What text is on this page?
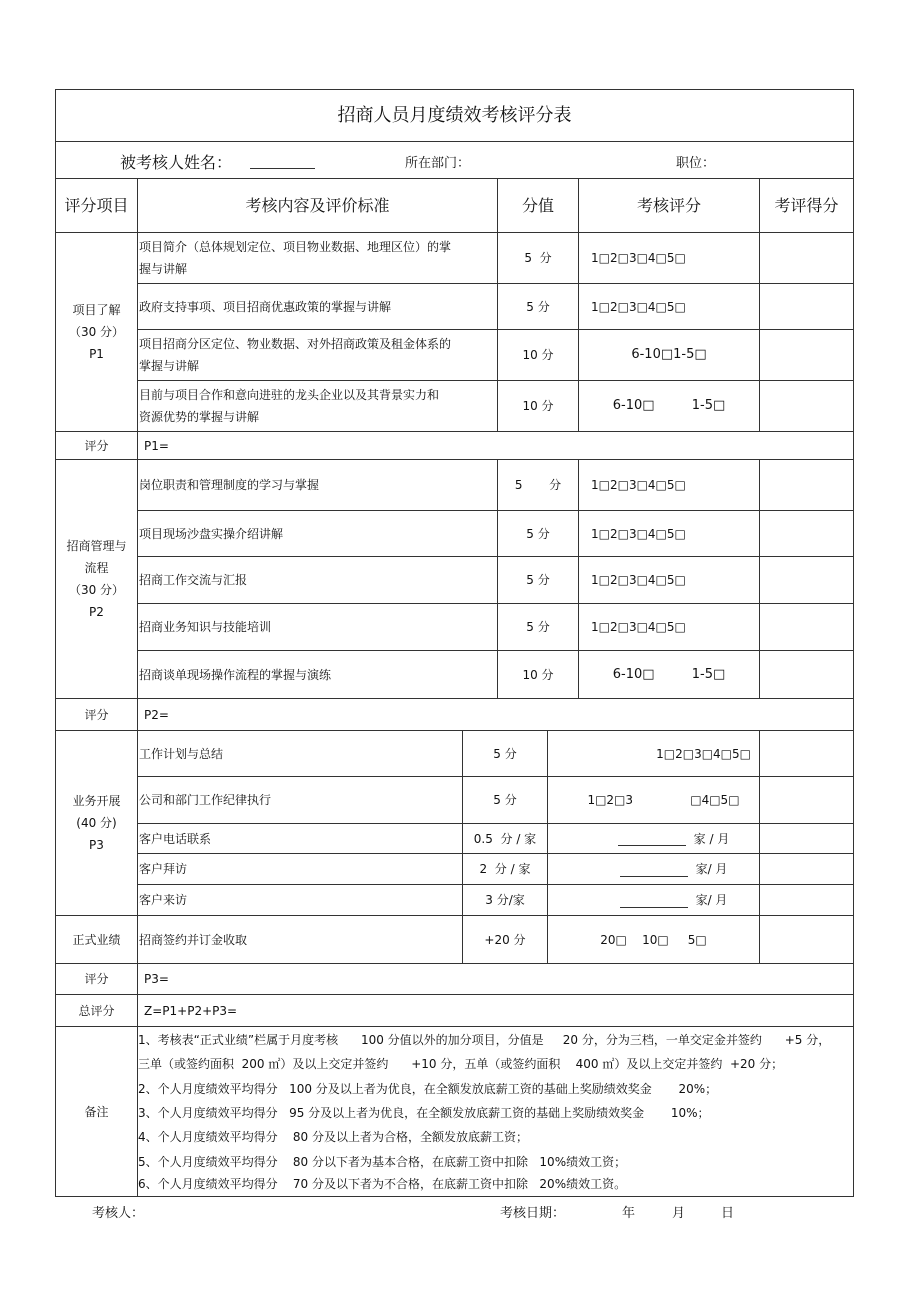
招商人员月度绩效考核评分表
评分项目	考核内容及评价标准	分值	考核评分	考评得分
项目了解
（30 分）
P1
项目简介（总体规划定位、项目物业数据、地理区位）的掌
握与讲解
5  分	1□2□3□4□5□
政府支持事项、项目招商优惠政策的掌握与讲解	5 分	1□2□3□4□5□
项目招商分区定位、物业数据、对外招商政策及租金体系的
掌握与讲解
10 分	6-10□1-5□
目前与项目合作和意向进驻的龙头企业以及其背景实力和
资源优势的掌握与讲解
10 分	6-10□         1-5□
评分	P1=
招商管理与
流程
（30 分）
P2
岗位职责和管理制度的学习与掌握	5       分	1□2□3□4□5□
项目现场沙盘实操介绍讲解	5 分	1□2□3□4□5□
招商工作交流与汇报	5 分	1□2□3□4□5□
招商业务知识与技能培训	5 分	1□2□3□4□5□
招商谈单现场操作流程的掌握与演练	10 分	6-10□         1-5□
评分	P2=
业务开展
(40 分)
P3
工作计划与总结	5 分	1□2□3□4□5□
公司和部门工作纪律执行	5 分	1□2□3               □4□5□
客户电话联系	0.5  分 / 家	家 / 月
客户拜访	2  分 / 家	家/ 月
客户来访	3 分/家	家/ 月
正式业绩	招商签约并订金收取	+20 分	20□    10□     5□
评分	P3=
总评分	Z=P1+P2+P3=
备注
被考核人姓名：	所在部门：	职位：
1、考核表“正式业绩”栏属于月度考核      100 分值以外的加分项目，分值是     20 分，分为三档，一单交定金并签约      +5 分，
三单（或签约面积  200 ㎡）及以上交定并签约      +10 分，五单（或签约面积    400 ㎡）及以上交定并签约  +20 分；
2、个人月度绩效平均得分   100 分及以上者为优良，在全额发放底薪工资的基础上奖励绩效奖金       20%；
3、个人月度绩效平均得分   95 分及以上者为优良，在全额发放底薪工资的基础上奖励绩效奖金       10%；
4、个人月度绩效平均得分    80 分及以上者为合格，全额发放底薪工资；
5、个人月度绩效平均得分    80 分以下者为基本合格，在底薪工资中扣除   10%绩效工资；
6、个人月度绩效平均得分    70 分及以下者为不合格，在底薪工资中扣除   20%绩效工资。
考核人：	考核日期：	年	月	日
